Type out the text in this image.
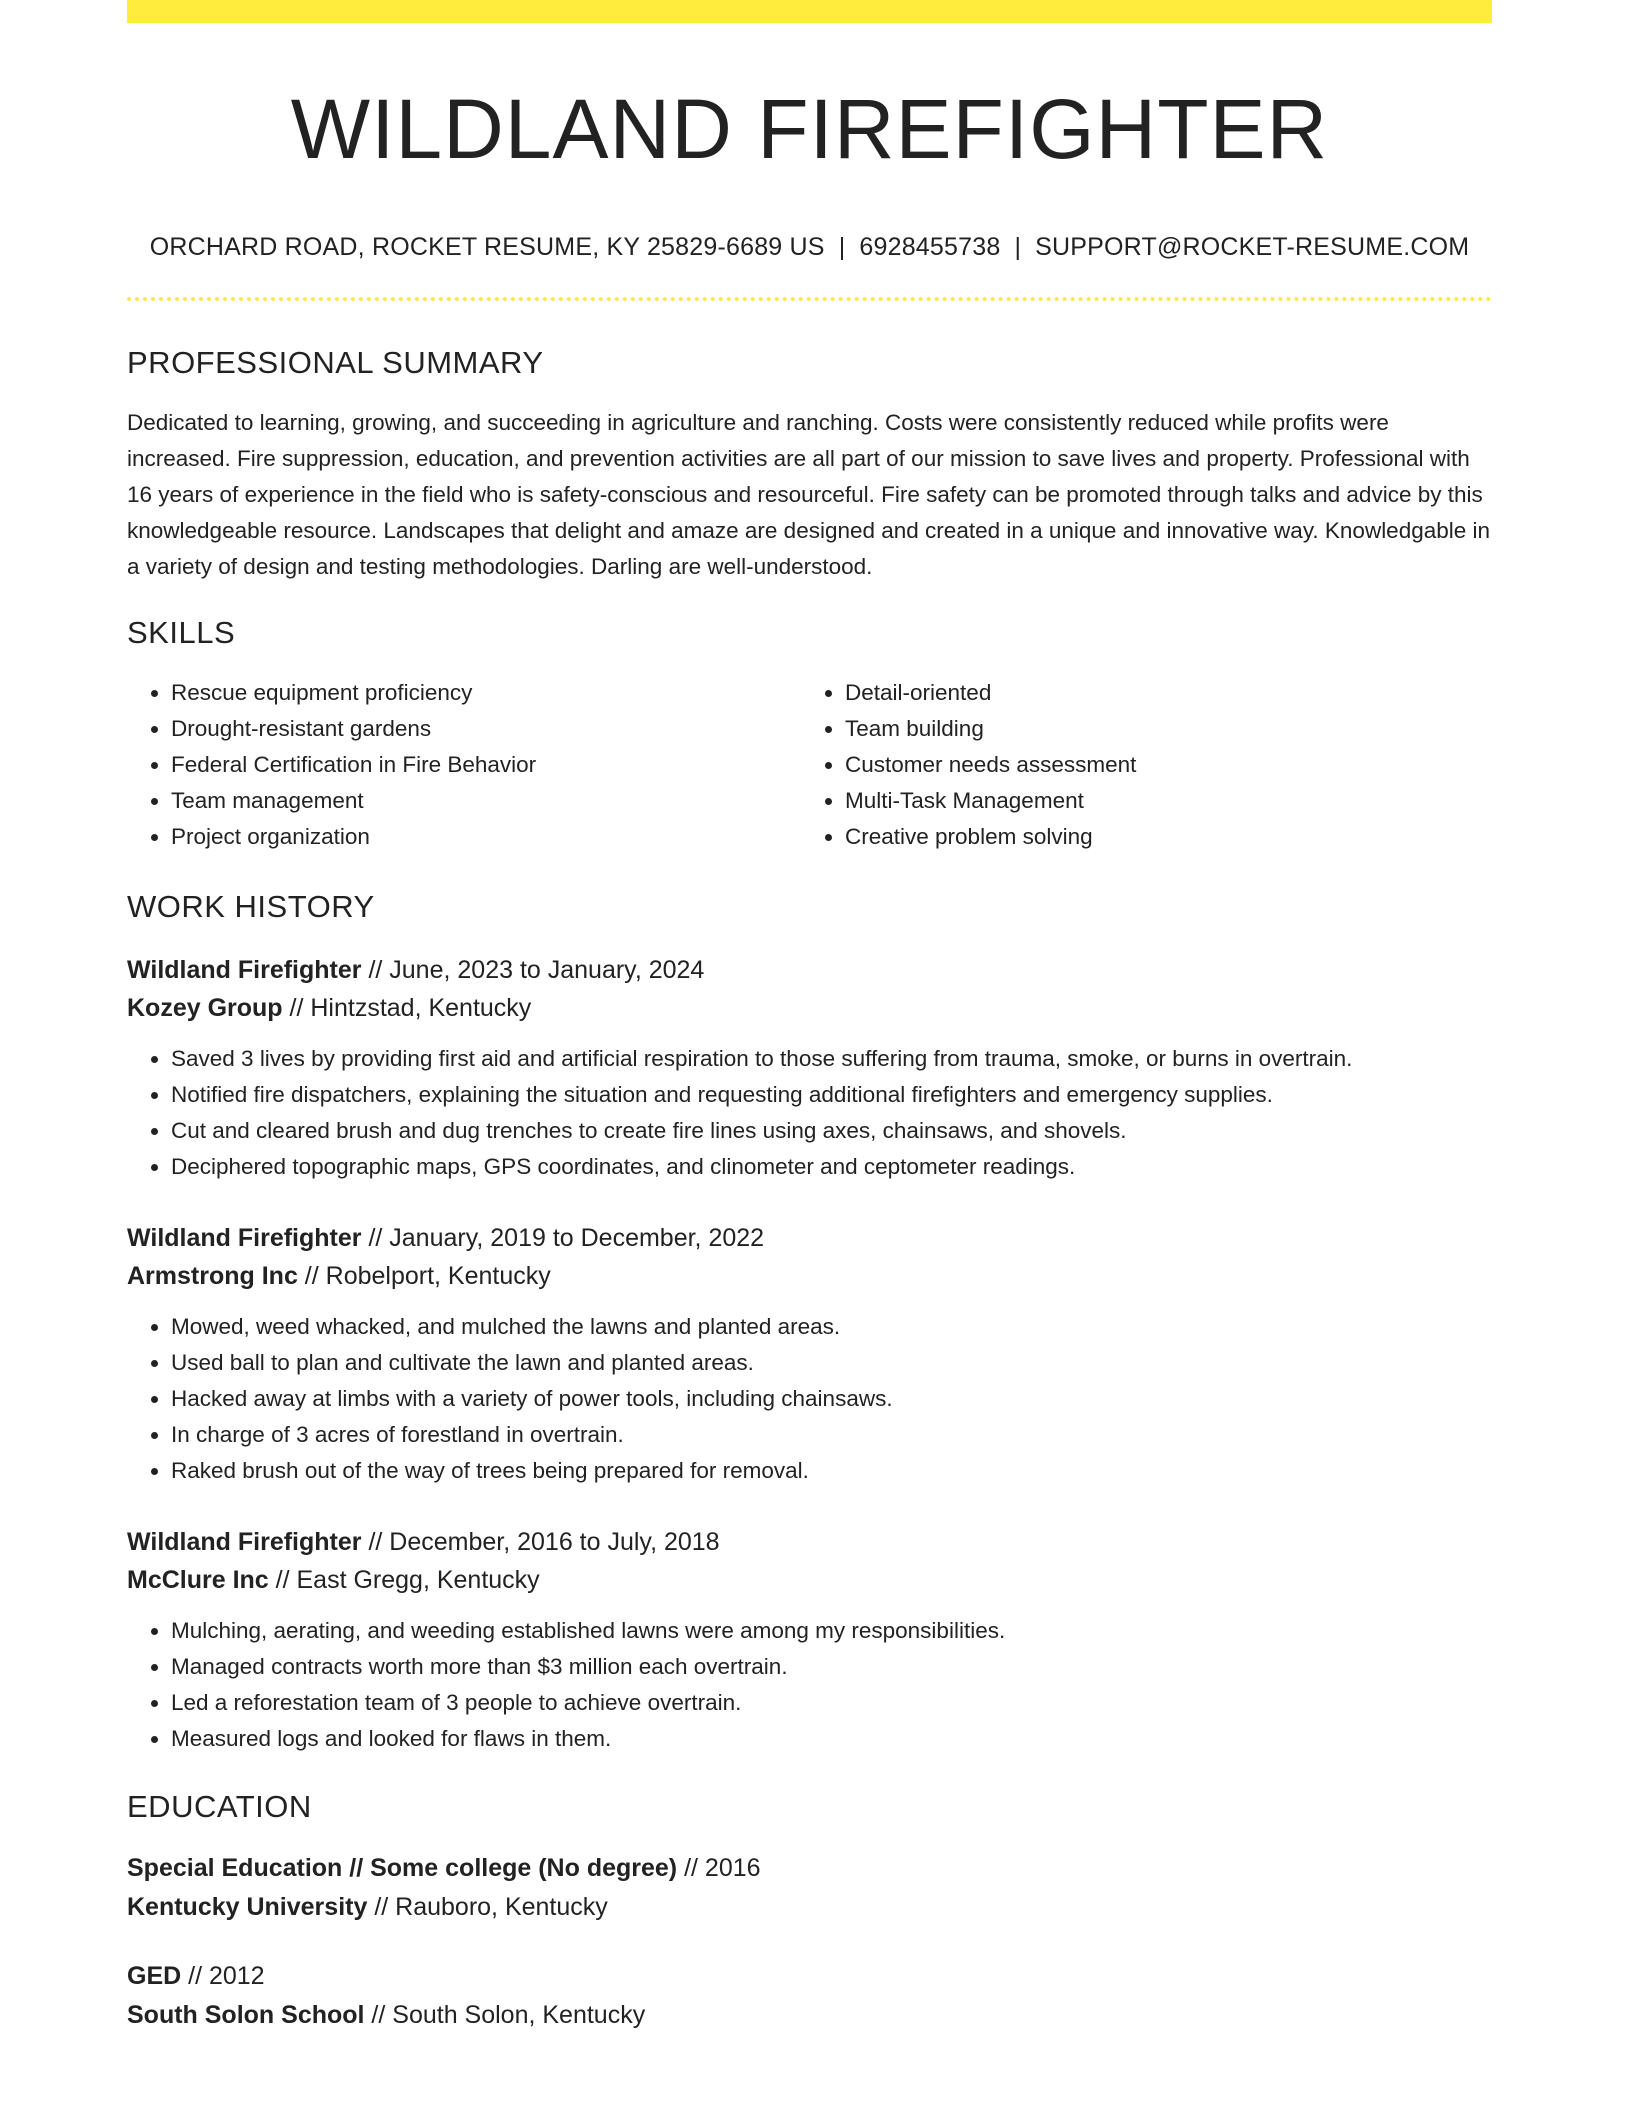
WILDLAND FIREFIGHTER
ORCHARD ROAD, ROCKET RESUME, KY 25829-6689 US | 6928455738 | SUPPORT@ROCKET-RESUME.COM
PROFESSIONAL SUMMARY

Dedicated to learning, growing, and succeeding in agriculture and ranching. Costs were consistently reduced while profits were increased. Fire suppression, education, and prevention activities are all part of our mission to save lives and property. Professional with 16 years of experience in the field who is safety-conscious and resourceful. Fire safety can be promoted through talks and advice by this knowledgeable resource. Landscapes that delight and amaze are designed and created in a unique and innovative way. Knowledgable in a variety of design and testing methodologies. Darling are well-understood.

SKILLS
• Rescue equipment proficiency
• Drought-resistant gardens
• Federal Certification in Fire Behavior
• Team management
• Project organization
• Detail-oriented
• Team building
• Customer needs assessment
• Multi-Task Management
• Creative problem solving
WORK HISTORY
Wildland Firefighter // June, 2023 to January, 2024
Kozey Group // Hintzstad, Kentucky
• Saved 3 lives by providing first aid and artificial respiration to those suffering from trauma, smoke, or burns in overtrain.
• Notified fire dispatchers, explaining the situation and requesting additional firefighters and emergency supplies.
• Cut and cleared brush and dug trenches to create fire lines using axes, chainsaws, and shovels.
• Deciphered topographic maps, GPS coordinates, and clinometer and ceptometer readings.
Wildland Firefighter // January, 2019 to December, 2022
Armstrong Inc // Robelport, Kentucky
• Mowed, weed whacked, and mulched the lawns and planted areas.
• Used ball to plan and cultivate the lawn and planted areas.
• Hacked away at limbs with a variety of power tools, including chainsaws.
• In charge of 3 acres of forestland in overtrain.
• Raked brush out of the way of trees being prepared for removal.
Wildland Firefighter // December, 2016 to July, 2018
McClure Inc // East Gregg, Kentucky
• Mulching, aerating, and weeding established lawns were among my responsibilities.
• Managed contracts worth more than $3 million each overtrain.
• Led a reforestation team of 3 people to achieve overtrain.
• Measured logs and looked for flaws in them.
EDUCATION
Special Education // Some college (No degree) // 2016
Kentucky University // Rauboro, Kentucky
GED // 2012
South Solon School // South Solon, Kentucky
